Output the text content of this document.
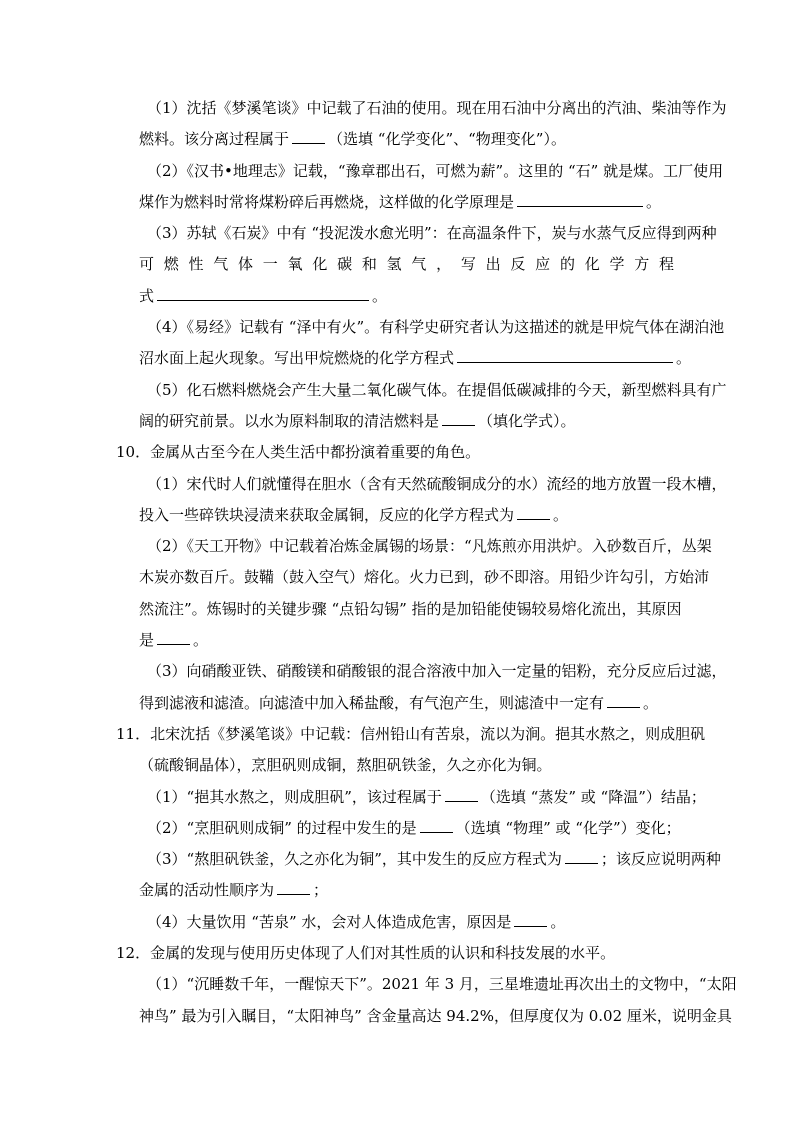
（1）沈括《梦溪笔谈》中记载了石油的使用。现在用石油中分离出的汽油、柴油等作为
燃料。该分离过程属于	（选填 “化学变化”、“物理变化”）。
（2）《汉书•地理志》记载，“豫章郡出石，可燃为薪”。这里的 “石” 就是煤。工厂使用
煤作为燃料时常将煤粉碎后再燃烧，这样做的化学原理是	。
（3）苏轼《石炭》中有 “投泥泼水愈光明”：在高温条件下，炭与水蒸气反应得到两种
可燃性气体一氧化碳和氢气，写出反应的化学方程
式	。
（4）《易经》记载有 “泽中有火”。有科学史研究者认为这描述的就是甲烷气体在湖泊池
沼水面上起火现象。写出甲烷燃烧的化学方程式	。
（5）化石燃料燃烧会产生大量二氧化碳气体。在提倡低碳减排的今天，新型燃料具有广
阔的研究前景。以水为原料制取的清洁燃料是	（填化学式）。
10．金属从古至今在人类生活中都扮演着重要的角色。
（1）宋代时人们就懂得在胆水（含有天然硫酸铜成分的水）流经的地方放置一段木槽，
投入一些碎铁块浸渍来获取金属铜，反应的化学方程式为	。
（2）《天工开物》中记载着冶炼金属锡的场景：“凡炼煎亦用洪炉。入砂数百斤，丛架
木炭亦数百斤。鼓鞴（鼓入空气）熔化。火力已到，砂不即溶。用铅少许勾引，方始沛
然流注”。炼锡时的关键步骤 “点铅勾锡” 指的是加铅能使锡较易熔化流出，其原因
是	。
（3）向硝酸亚铁、硝酸镁和硝酸银的混合溶液中加入一定量的铝粉，充分反应后过滤，
得到滤液和滤渣。向滤渣中加入稀盐酸，有气泡产生，则滤渣中一定有	。
11．北宋沈括《梦溪笔谈》中记载：信州铅山有苦泉，流以为涧。挹其水熬之，则成胆矾
（硫酸铜晶体），烹胆矾则成铜，熬胆矾铁釜，久之亦化为铜。
（1）“挹其水熬之，则成胆矾”，该过程属于	（选填 “蒸发” 或 “降温”）结晶；
（2）“烹胆矾则成铜” 的过程中发生的是	（选填 “物理” 或 “化学”）变化；
（3）“熬胆矾铁釜，久之亦化为铜”，其中发生的反应方程式为	；该反应说明两种
金属的活动性顺序为	；
（4）大量饮用 “苦泉” 水，会对人体造成危害，原因是	。
12．金属的发现与使用历史体现了人们对其性质的认识和科技发展的水平。
（1）“沉睡数千年，一醒惊天下”。2021 年 3 月，三星堆遗址再次出土的文物中，“太阳
神鸟” 最为引入瞩目，“太阳神鸟” 含金量高达 94.2%，但厚度仅为 0.02 厘米，说明金具
